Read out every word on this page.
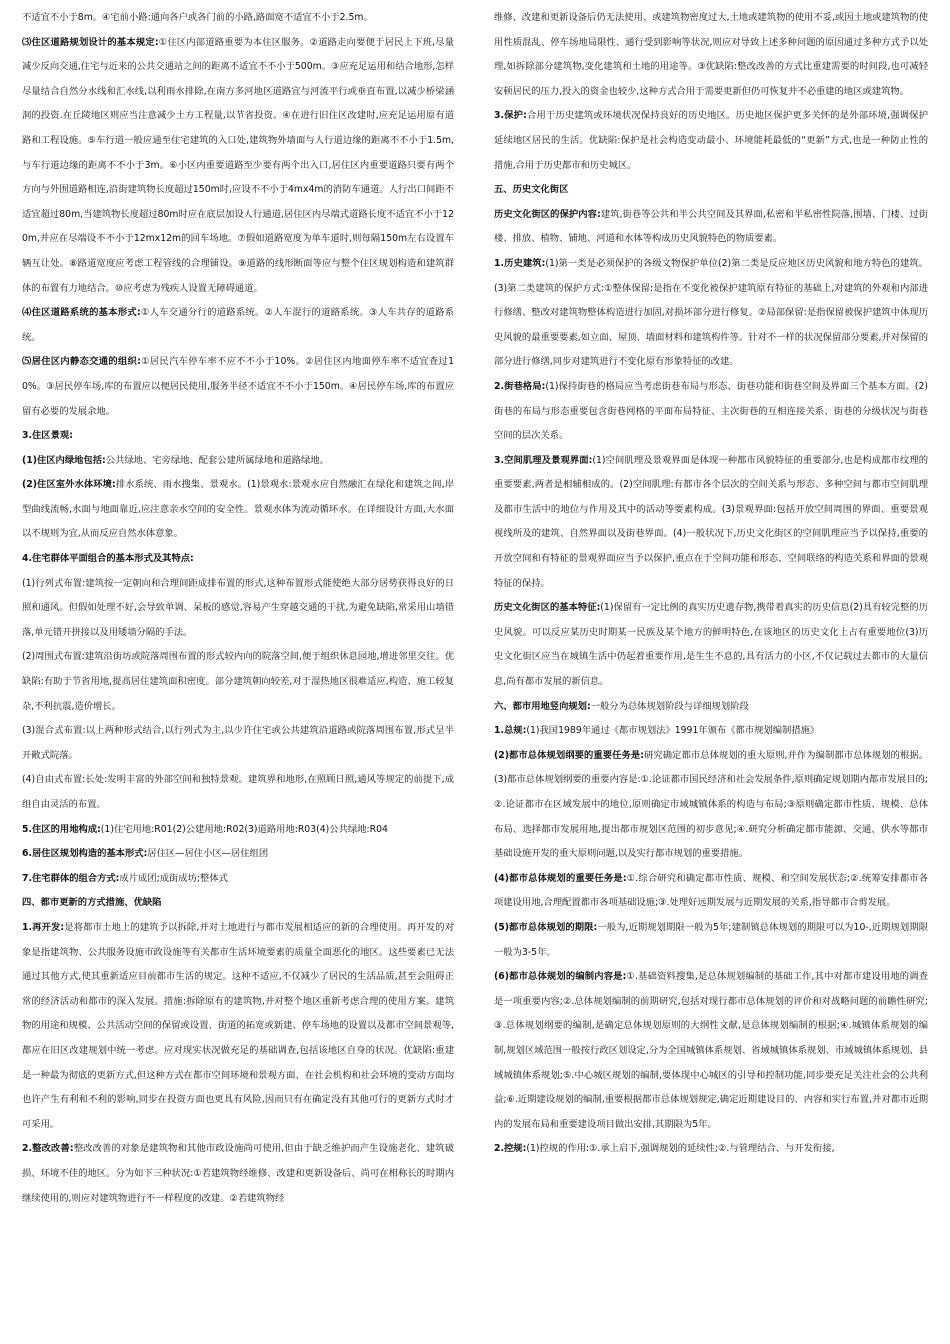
不适宜不小于8m。④宅前小路:通向各户或各门前的小路,路面宽不适宜不小于2.5m。
⑶住区道路规划设计的基本规定:①住区内部道路重要为本住区服务。②道路走向要便于居民上下班,尽量减少反向交通,住宅与近来的公共交通站之间的距离不适宜不不小于500m。③应充足运用和结合地形,怎样尽量结合自然分水线和汇水线,以利雨水排除,在南方多河地区道路宜与河流平行或垂直布置,以减少桥梁涵洞的投资.在丘陵地区则应当注意减少土方工程量,以节省投资。④在进行旧住区改建时,应充足运用原有道路和工程设施。⑤车行道一般应通至住宅建筑的入口处,建筑物外墙面与人行道边缘的距离不不小于1.5m,与车行道边缘的距离不不小于3m。⑥小区内重要道路至少要有两个出入口,居住区内重要道路只要有两个方向与外围道路相连,沿街建筑物长度超过150m时,应设不不小于4mx4m的消防车通道。人行出口间距不适宜超过80m,当建筑物长度超过80m时应在底层加设人行通道,居住区内尽端式道路长度不适宜不小于120m,并应在尽端设不不小于12mx12m的回车场地。⑦假如道路宽度为单车道时,则每隔150m左右设置车辆互让处。⑧路道宽度应考虑工程管线的合理铺设。⑨道路的线形断面等应与整个住区规划构造和建筑群体的布置有力地结合。⑩应考虑为残疾人设置无障碍通道。
⑷住区道路系统的基本形式:①人车交通分行的道路系统。②人车混行的道路系统。③人车共存的道路系统。
⑸居住区内静态交通的组织:①居民汽车停车率不应不不小于10%。②居住区内地面停车率不适宜查过10%。③居民停车场,库的布置应以便居民使用,服务半径不适宜不不小于150m。④居民停车场,库的布置应留有必要的发展余地。
3.住区景观:
(1)住区内绿地包括:公共绿地、宅旁绿地、配套公建所属绿地和道路绿地。
(2)住区室外水体环境:排水系统、雨水搜集、景观水。(1)景观水:景观水应自然融汇在绿化和建筑之间,岸型曲线流畅,水面与地面靠近,应注意亲水空间的安全性。景观水体为流动循环水。在详细设计方面,大水面以不规则为宜,从而反应自然水体意象。
4.住宅群体平面组合的基本形式及其特点:
(1)行列式布置:建筑按一定朝向和合理间距成排布置的形式,这种布置形式能使绝大部分居势获得良好的日照和通风。但假如处理不好,会导致单调、呆板的感觉,容易产生穿越交通的干扰,为避免缺陷,常采用山墙错落,单元错开拼接以及用矮墙分隔的手法。
(2)周围式布置:建筑沿街坊或院落周围布置的形式较内向的院落空间,便于组织休息园地,增进邻里交往。优缺陷:有助于节省用地,提高居住建筑面积密度。部分建筑朝向较差,对于湿热地区很难适应,构造、施工较复杂,不利抗震,造价增长。
(3)混合式布置:以上两种形式结合,以行列式为主,以少许住宅或公共建筑沿道路或院落周围布置,形式呈半开敞式院落。
(4)自由式布置:长处:发明丰富的外部空间和独特景观。建筑界和地形,在照顾日照,通风等规定的前提下,成组自由灵活的布置。
5.住区的用地构成:(1)住宅用地:R01(2)公建用地:R02(3)道路用地:R03(4)公共绿地:R04
6.居住区规划构造的基本形式:居住区—居住小区—居住组团
7.住宅群体的组合方式:成片成团;成街成坊;整体式
四、都市更新的方式措施、优缺陷
1.再开发:是将都市土地上的建筑予以拆除,并对土地进行与都市发展相适应的新的合理使用。再开发的对象是指建筑物、公共服务设施市政设施等有关都市生活环境要素的质量全面恶化的地区。这些要素已无法通过其他方式,使其重新适应目前都市生活的规定。这种不适应,不仅减少了居民的生活品质,甚至会阻碍正常的经济活动和都市的深入发展。措施:拆除原有的建筑物,并对整个地区重新考虑合理的使用方案。建筑物的用途和规模、公共活动空间的保留或设置、街道的拓宽或新建、停车场地的设置以及都市空间景观等,都应在旧区改建规划中统一考虑。应对现实状况做充足的基础调查,包括该地区自身的状况。优缺陷:重建是一种最为彻底的更新方式,但这种方式在都市空间环境和景观方面、在社会机构和社会环境的变动方面均也许产生有利和不利的影响,同步在投资方面也更具有风险,因而只有在确定没有其他可行的更新方式时才可采用。
2.整改改善:整改改善的对象是建筑物和其他市政设施尚可使用,但由于缺乏维护而产生设施老化、建筑破损、环境不佳的地区。分为如下三种状况:①若建筑物经维修、改建和更新设备后、尚可在相称长的时期内继续使用的,则应对建筑物进行不一样程度的改建。②若建筑物经
维修、改建和更新设备后仍无法使用、或建筑物密度过大,土地或建筑物的使用不妥,或因土地或建筑物的使用性质混乱、停车场地局限性、通行受到影响等状况,则应对导致上述多种问题的原因通过多种方式予以处理,如拆除部分建筑物,变化建筑和土地的用途等。③优缺陷:整改改善的方式比重建需要的时间段,也可减轻安顿居民的压力,投入的资金也较少,这种方式合用于需要更新但仍可恢复并不必重建的地区或建筑物。
3.保护:合用于历史建筑或环境状况保持良好的历史地区。历史地区保护更多关怀的是外部环境,强调保护延续地区居民的生活。优缺陷:保护是社会构造变动最小、环境能耗最低的“更新”方式,也是一种防止性的措施,合用于历史都市和历史城区。
五、历史文化街区
历史文化街区的保护内容:建筑,街巷等公共和半公共空间及其界面,私密和半私密性院落,围墙、门楼、过街楼、排放、植物、铺地、河道和水体等构成历史风貌特色的物质要素。
1.历史建筑:(1)第一类是必须保护的各级文物保护单位(2)第二类是反应地区历史风貌和地方特色的建筑。(3)第二类建筑的保护方式:①整体保留:是指在不变化被保护建筑原有特征的基础上,对建筑的外观和内部进行修缮、整改对建筑物整体构造进行加固,对损坏部分进行修复。②局部保留:是指保留被保护建筑中体现历史风貌的最重要要素,如立面、屋顶、墙面材料和建筑构件等。针对不一样的状况保留部分要素,并对保留的部分进行修缮,同步对建筑进行不变化原有形象特征的改建。
2.街巷格局:(1)保持街巷的格局应当考虑街巷布局与形态、街巷功能和街巷空间及界面三个基本方面。(2)街巷的布局与形态重要包含街巷网格的平面布局特征、主次街巷的互相连接关系、街巷的分级状况与街巷空间的层次关系。
3.空间肌理及景观界面:(1)空间肌理及景观界面是体现一种都市风貌特征的重要部分,也是构成都市纹理的重要要素,两者是相辅相成的。(2)空间肌理:有都市各个层次的空间关系与形态、多种空间与都市空间肌理及都市生活中的地位与作用及其中的活动等要素构成。(3)景观界面:包括开放空间周围的界面、重要景观视线所及的建筑、自然界面以及街巷界面。(4)一般状况下,历史文化街区的空间肌理应当予以保持,重要的开放空间和有特征的景观界面应当予以保护,重点在于空间功能和形态、空间联络的构造关系和界面的景观特征的保持。
历史文化街区的基本特征:(1)保留有一定比例的真实历史遗存物,携带着真实的历史信息(2)具有较完整的历史风貌。可以反应某历史时期某一民族及某个地方的鲜明特色,在该地区的历史文化上占有重要地位(3)历史文化街区应当在城镇生活中仍起着重要作用,是生生不息的,具有活力的小区,不仅记载过去都市的大量信息,尚有都市发展的新信息。
六、都市用地竖向规划:一般分为总体规划阶段与详细规划阶段
1.总规:(1)我国1989年通过《都市规划法》1991年颁布《都市规划编制措施》
(2)都市总体规划纲要的重要任务是:研究确定都市总体规划的重大原则,并作为编制都市总体规划的根据。(3)都市总体规划纲要的重要内容是:①.论证都市国民经济和社会发展条件,原则确定规划期内都市发展目的;②.论证都市在区域发展中的地位,原则确定市域城镇体系的构造与布局;③原则确定都市性质、规模、总体布局、选择都市发展用地,提出都市规划区范围的初步意见;④.研究分析确定都市能源、交通、供水等都市基础设施开发的重大原则问题,以及实行都市规划的重要措施。
(4)都市总体规划的重要任务是:①.综合研究和确定都市性质、规模、和空间发展状态;②.统筹安排都市各项建设用地,合理配置都市各项基础设施;③.处理好远期发展与近期发展的关系,指导都市合剪发展。
(5)都市总体规划的期限:一般为,近期规划期限一般为5年;建制镇总体规划的期限可以为10-,近期规划期限一般为3-5年。
(6)都市总体规划的编制内容是:①.基础资料搜集,是总体规划编制的基础工作,其中对都市建设用地的调查是一项重要内容;②.总体规划编制的前期研究,包括对现行都市总体规划的评价和对战略问题的前瞻性研究;③.总体规划纲要的编制,是确定总体规划原则的大纲性文献,是总体规划编制的根据;④.城镇体系规划的编制,规划区域范围一般按行政区划设定,分为全国城镇体系规划、省域城镇体系规划、市域城镇体系规划、县域城镇体系规划;⑤.中心城区规划的编制,要体现中心城区的引导和控制功能,同步要充足关注社会的公共利益;⑥.近期建设规划的编制,重要根据都市总体规划规定,确定近期建设目的、内容和实行布置,并对都市近期内的发展布局和重要建设项目做出安排,其期限为5年。
2.控规:(1)控规的作用:①.承上启下,强调规划的延续性;②.与管理结合、与开发衔接,
